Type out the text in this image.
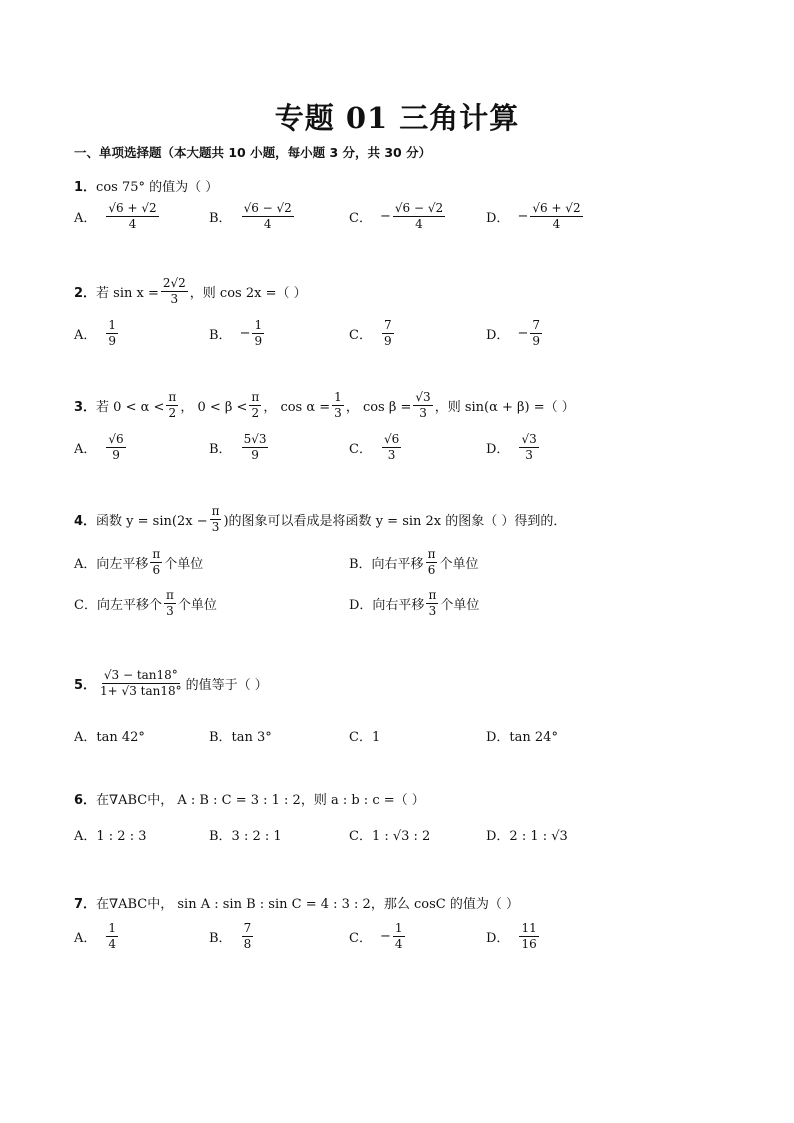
专题 01 三角计算
一、单项选择题（本大题共 10 小题，每小题 3 分，共 30 分）
1．cos 75° 的值为（ ）
A． $\frac{√6 + √2}{4}$	B． $\frac{√6 - √2}{4}$	C． − $\frac{√6 - √2}{4}$	D． − $\frac{√6 + √2}{4}$
2． 若 $\sin x = \frac{2√2}{3}$ ，则 cos 2x =（ ）
A． $\frac{1}{9}$	B． − $\frac{1}{9}$	C． $\frac{7}{9}$	D． − $\frac{7}{9}$
3． 若 $0 < \alpha < \frac{\pi}{2}$ ， $0 < \beta < \frac{\pi}{2}$ ， $\cos \alpha = \frac{1}{3}$ ， $\cos \beta = \frac{√3}{3}$ ，则 sin(α + β) =（ ）
A． $\frac{√6}{9}$	B． $\frac{5√3}{9}$	C． $\frac{√6}{3}$	D． $\frac{√3}{3}$
4． 函数 $y = \sin(2x - \frac{\pi}{3}$ )的图象可以看成是将函数 y = sin 2x 的图象（ ）得到的．
A．向左平移 $\frac{\pi}{6}$ 个单位	B．向右平移 $\frac{\pi}{6}$ 个单位
C．向左平移个 $\frac{\pi}{3}$ 个单位	D．向右平移 $\frac{\pi}{3}$ 个单位
5． $\frac{√3 - \tan 18^\circ}{1+ √3 \tan 18^\circ}$ 的值等于（ ）
A．tan 42°	B．tan 3°	C．1	D．tan 24°
6．在∇ABC中， A : B : C = 3 : 1 : 2，则 a : b : c =（ ）
A．1 : 2 : 3	B．3 : 2 : 1	C．1 : √3 : 2	D．2 : 1 : √3
7．在∇ABC中， sin A : sin B : sin C = 4 : 3 : 2，那么 cosC 的值为（ ）
A． $\frac{1}{4}$	B． $\frac{7}{8}$	C． − $\frac{1}{4}$	D． $\frac{11}{16}$
